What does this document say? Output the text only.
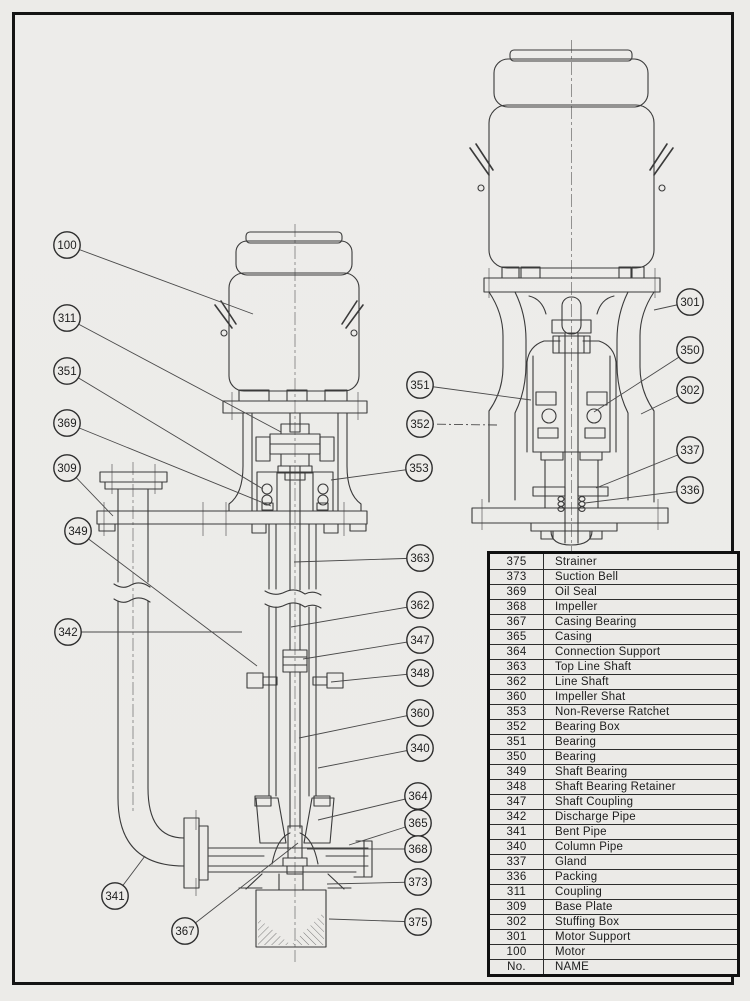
100
311
351
369
309
349
342
341
367
351
352
353
363
362
347
348
360
340
364
365
368
373
375
301
350
302
337
336
375	Strainer
373	Suction Bell
369	Oil Seal
368	Impeller
367	Casing Bearing
365	Casing
364	Connection Support
363	Top Line Shaft
362	Line Shaft
360	Impeller Shat
353	Non-Reverse Ratchet
352	Bearing Box
351	Bearing
350	Bearing
349	Shaft Bearing
348	Shaft Bearing Retainer
347	Shaft Coupling
342	Discharge Pipe
341	Bent Pipe
340	Column Pipe
337	Gland
336	Packing
311	Coupling
309	Base Plate
302	Stuffing Box
301	Motor Support
100	Motor
No.	NAME
